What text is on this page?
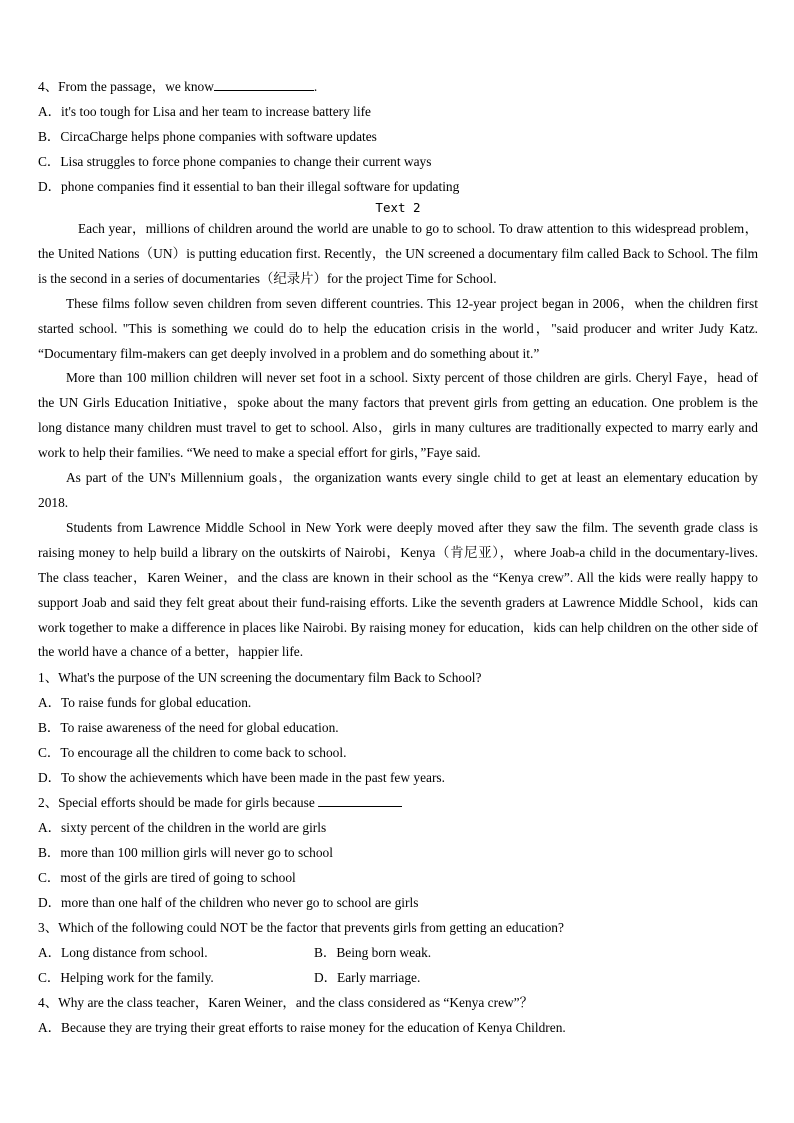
4、From the passage，we know	.
A．it's too tough for Lisa and her team to increase battery life
B．CircaCharge helps phone companies with software updates
C．Lisa struggles to force phone companies to change their current ways
D．phone companies find it essential to ban their illegal software for updating
Text 2

Each year，millions of children around the world are unable to go to school. To draw attention to this widespread problem，the United Nations（UN）is putting education first. Recently，the UN screened a documentary film called Back to School. The film is the second in a series of documentaries（纪录片）for the project Time for School.

These films follow seven children from seven different countries. This 12-year project began in 2006，when the children first started school. "This is something we could do to help the education crisis in the world，"said producer and writer Judy Katz. “Documentary film-makers can get deeply involved in a problem and do something about it.”

More than 100 million children will never set foot in a school. Sixty percent of those children are girls. Cheryl Faye，head of the UN Girls Education Initiative，spoke about the many factors that prevent girls from getting an education. One problem is the long distance many children must travel to get to school. Also，girls in many cultures are traditionally expected to marry early and work to help their families. “We need to make a special effort for girls，”Faye said.

As part of the UN's Millennium goals，the organization wants every single child to get at least an elementary education by 2018.

Students from Lawrence Middle School in New York were deeply moved after they saw the film. The seventh grade class is raising money to help build a library on the outskirts of Nairobi，Kenya（肯尼亚），where Joab-a child in the documentary-lives. The class teacher，Karen Weiner，and the class are known in their school as the “Kenya crew”. All the kids were really happy to support Joab and said they felt great about their fund-raising efforts. Like the seventh graders at Lawrence Middle School，kids can work together to make a difference in places like Nairobi. By raising money for education，kids can help children on the other side of the world have a chance of a better，happier life.

1、What's the purpose of the UN screening the documentary film Back to School?
A．To raise funds for global education.
B．To raise awareness of the need for global education.
C．To encourage all the children to come back to school.
D．To show the achievements which have been made in the past few years.
2、Special efforts should be made for girls because
A．sixty percent of the children in the world are girls
B．more than 100 million girls will never go to school
C．most of the girls are tired of going to school
D．more than one half of the children who never go to school are girls
3、Which of the following could NOT be the factor that prevents girls from getting an education?
A．Long distance from school.	B．Being born weak.
C．Helping work for the family.	D．Early marriage.
4、Why are the class teacher，Karen Weiner，and the class considered as “Kenya crew”？
A．Because they are trying their great efforts to raise money for the education of Kenya Children.
